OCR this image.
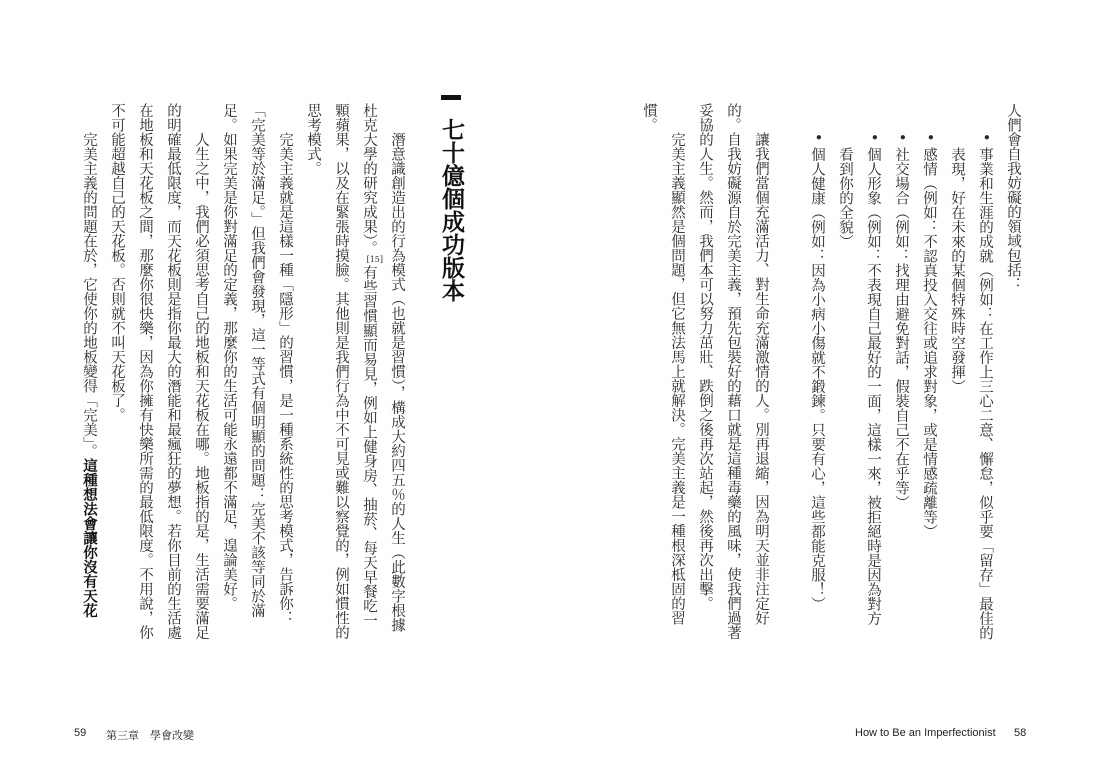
人們會自我妨礙的領域包括：
•
事業和生涯的成就（例如：在工作上三心二意、懈怠，似乎要「留存」最佳的
表現，好在未來的某個特殊時空發揮）
•
感情（例如：不認真投入交往或追求對象，或是情感疏離等）
•
社交場合（例如：找理由避免對話，假裝自己不在乎等）
•
個人形象（例如：不表現自己最好的一面，這樣一來，被拒絕時是因為對方
看到你的全貌）
•
個人健康（例如：因為小病小傷就不鍛鍊。只要有心，這些都能克服！）
讓我們當個充滿活力、對生命充滿激情的人。別再退縮，因為明天並非注定好
的。自我妨礙源自於完美主義，預先包裝好的藉口就是這種毒藥的風味，使我們過著
妥協的人生。然而，我們本可以努力茁壯、跌倒之後再次站起，然後再次出擊。
完美主義顯然是個問題，但它無法馬上就解決。完美主義是一種根深柢固的習
慣。
七十億個成功版本
潛意識創造出的行為模式（也就是習慣），構成大約四五％的人生（此數字根據
杜克大學的研究成果）。[15]有些習慣顯而易見，例如上健身房、抽菸、每天早餐吃一
顆蘋果，以及在緊張時摸臉。其他則是我們行為中不可見或難以察覺的，例如慣性的
思考模式。
完美主義就是這樣一種「隱形」的習慣，是一種系統性的思考模式，告訴你：
「完美等於滿足。」但我們會發現，這一等式有個明顯的問題：完美不該等同於滿
足。如果完美是你對滿足的定義，那麼你的生活可能永遠都不滿足，遑論美好。
人生之中，我們必須思考自己的地板和天花板在哪。地板指的是，生活需要滿足
的明確最低限度，而天花板則是指你最大的潛能和最瘋狂的夢想。若你目前的生活處
在地板和天花板之間，那麼你很快樂，因為你擁有快樂所需的最低限度。不用說，你
不可能超越自己的天花板。否則就不叫天花板了。
完美主義的問題在於，它使你的地板變得「完美」。這種想法會讓你沒有天花
59 第三章　學會改變	How to Be an Imperfectionist 58
